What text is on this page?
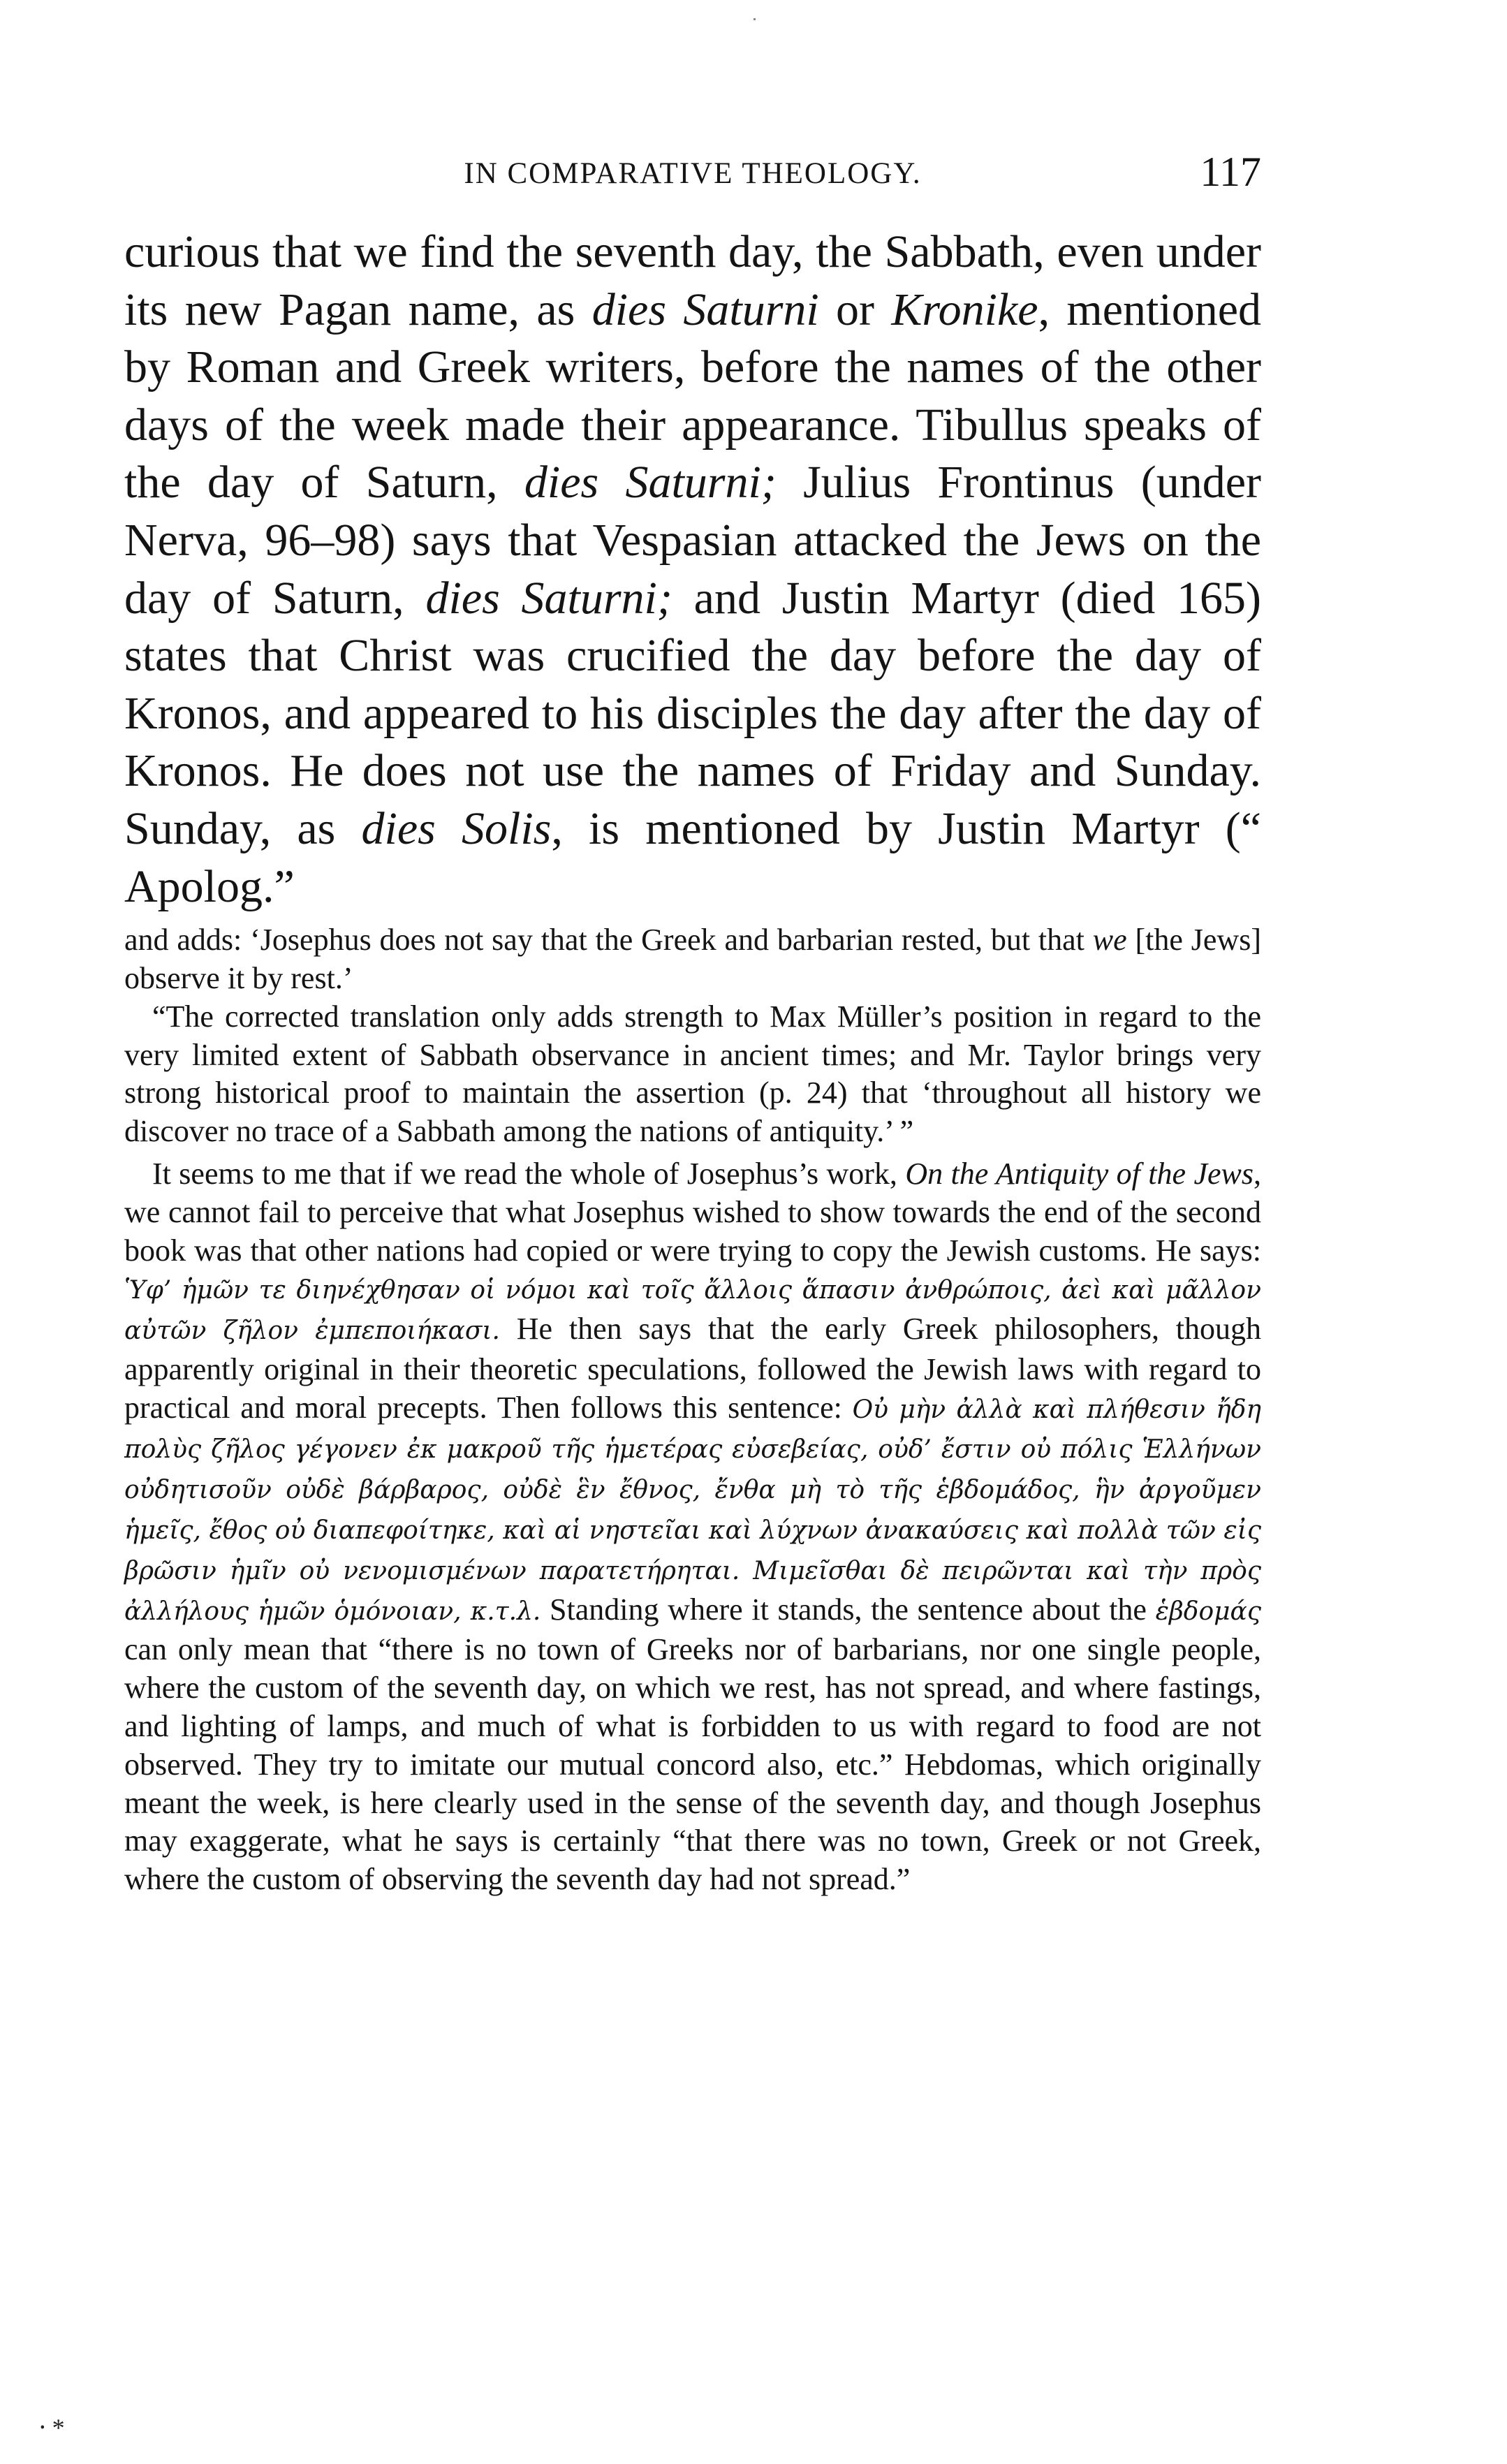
IN COMPARATIVE THEOLOGY.	117

curious that we find the seventh day, the Sabbath, even under its new Pagan name, as dies Saturni or Kronike, mentioned by Roman and Greek writers, before the names of the other days of the week made their appearance. Tibullus speaks of the day of Saturn, dies Saturni; Julius Frontinus (under Nerva, 96–98) says that Vespasian attacked the Jews on the day of Saturn, dies Saturni; and Justin Martyr (died 165) states that Christ was crucified the day before the day of Kronos, and appeared to his disciples the day after the day of Kronos. He does not use the names of Friday and Sunday. Sunday, as dies Solis, is mentioned by Justin Martyr (“ Apolog.”

and adds: ‘Josephus does not say that the Greek and barbarian rested, but that we [the Jews] observe it by rest.’

“The corrected translation only adds strength to Max Müller’s position in regard to the very limited extent of Sabbath observance in ancient times; and Mr. Taylor brings very strong historical proof to maintain the assertion (p. 24) that ‘throughout all history we discover no trace of a Sabbath among the nations of antiquity.’ ”

It seems to me that if we read the whole of Josephus’s work, On the Antiquity of the Jews, we cannot fail to perceive that what Josephus wished to show towards the end of the second book was that other nations had copied or were trying to copy the Jewish customs. He says: Ὑφ’ ἡμῶν τε διηνέχθησαν οἱ νόμοι καὶ τοῖς ἄλλοις ἅπασιν ἀνθρώποις, ἀεὶ καὶ μᾶλλον αὐτῶν ζῆλον ἐμπεποιήκασι. He then says that the early Greek philosophers, though apparently original in their theoretic speculations, followed the Jewish laws with regard to practical and moral precepts. Then follows this sentence: Οὐ μὴν ἀλλὰ καὶ πλήθεσιν ἤδη πολὺς ζῆλος γέγονεν ἐκ μακροῦ τῆς ἡμετέρας εὐσεβείας, οὐδ’ ἔστιν οὐ πόλις Ἑλλήνων οὐδητισοῦν οὐδὲ βάρβαρος, οὐδὲ ἓν ἔθνος, ἔνθα μὴ τὸ τῆς ἑβδομάδος, ἣν ἀργοῦμεν ἡμεῖς, ἔθος οὐ διαπεφοίτηκε, καὶ αἱ νηστεῖαι καὶ λύχνων ἀνακαύσεις καὶ πολλὰ τῶν εἰς βρῶσιν ἡμῖν οὐ νενομισμένων παρατετήρηται. Μιμεῖσθαι δὲ πειρῶνται καὶ τὴν πρὸς ἀλλήλους ἡμῶν ὁμόνοιαν, κ.τ.λ. Standing where it stands, the sentence about the ἑβδομάς can only mean that “there is no town of Greeks nor of barbarians, nor one single people, where the custom of the seventh day, on which we rest, has not spread, and where fastings, and lighting of lamps, and much of what is forbidden to us with regard to food are not observed. They try to imitate our mutual concord also, etc.” Hebdomas, which originally meant the week, is here clearly used in the sense of the seventh day, and though Josephus may exaggerate, what he says is certainly “that there was no town, Greek or not Greek, where the custom of observing the seventh day had not spread.”

⸱ *
